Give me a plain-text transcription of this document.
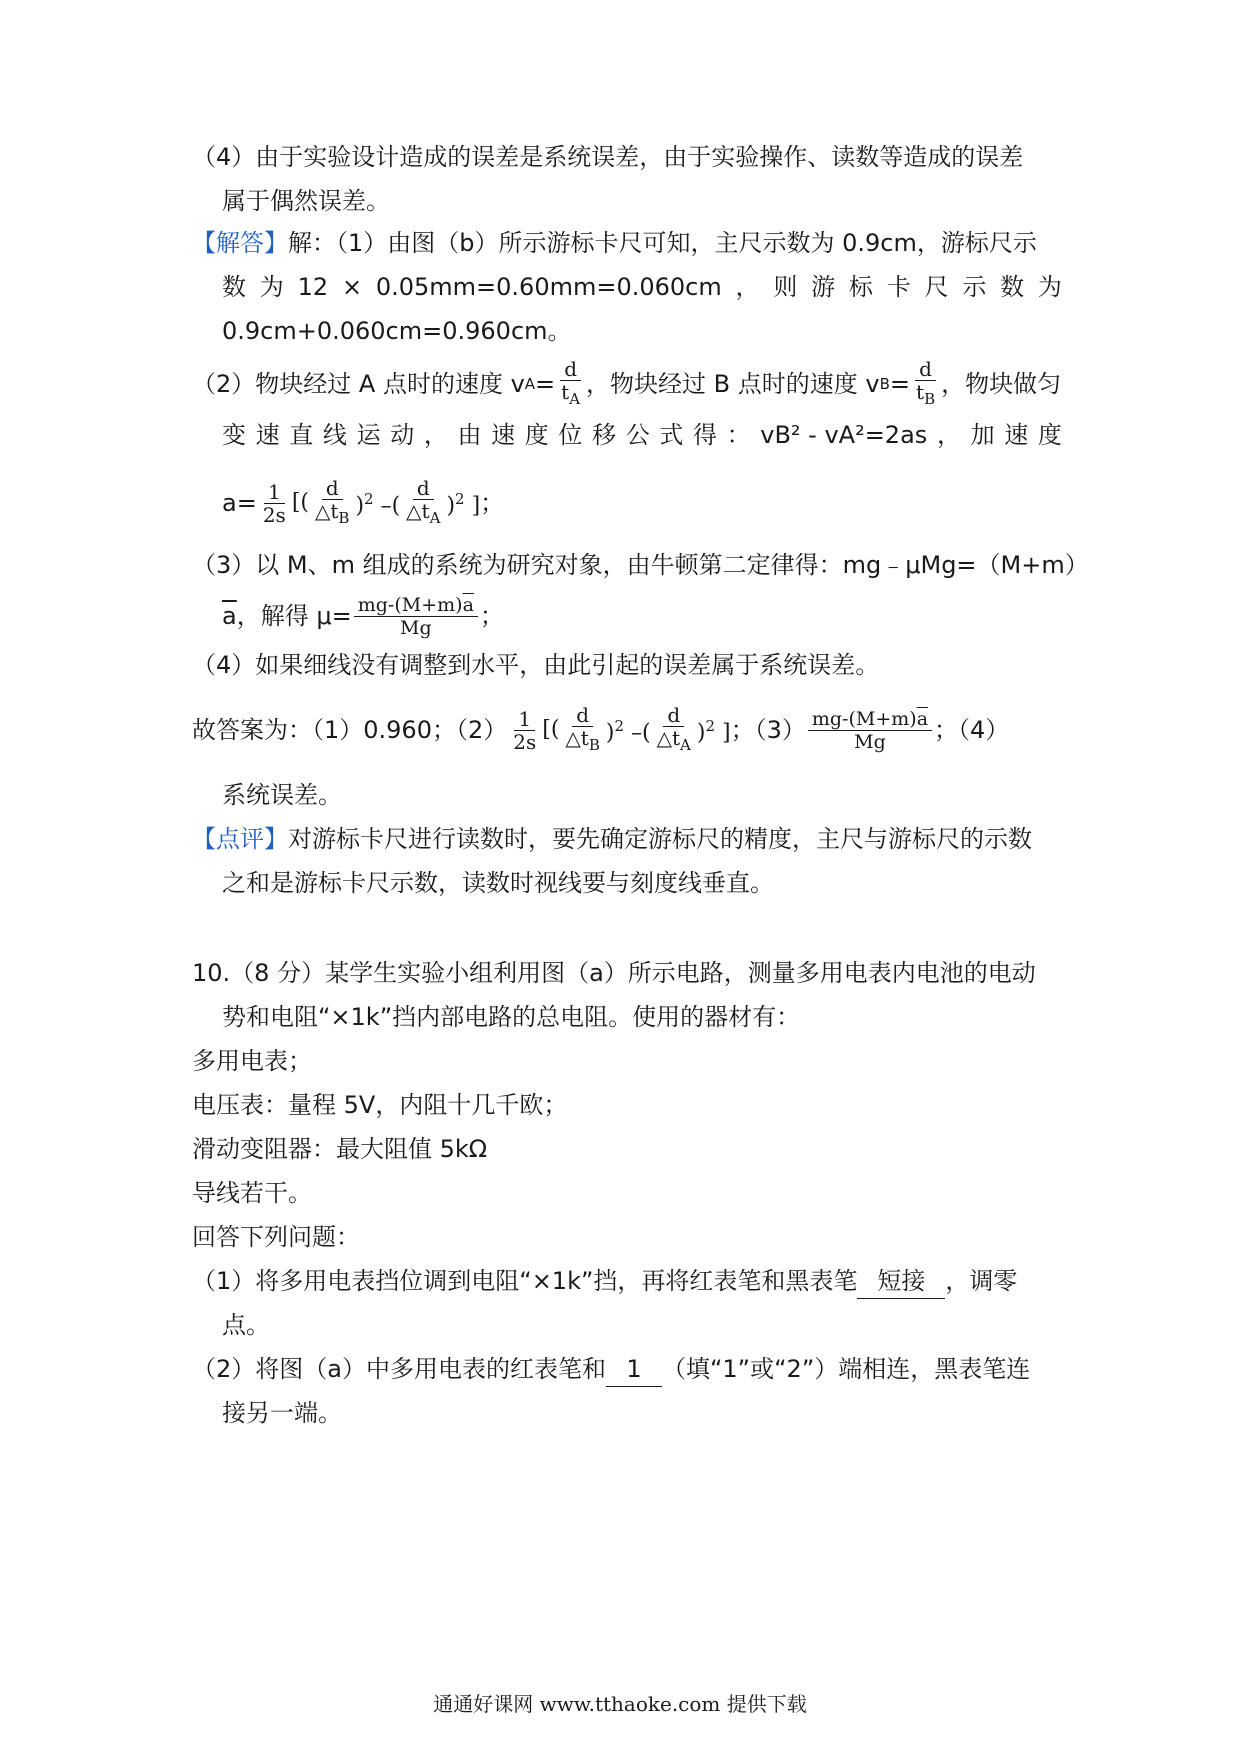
（4）由于实验设计造成的误差是系统误差，由于实验操作、读数等造成的误差
属于偶然误差。
【解答】解：（1）由图（b）所示游标卡尺可知，主尺示数为 0.9cm，游标尺示
数 为 12 × 0.05mm=0.60mm=0.060cm ， 则 游 标 卡 尺 示 数 为
0.9cm+0.060cm=0.960cm。
（2）物块经过 A 点时的速度 v $A = \frac{d}{t_A}$ ，物块经过 B 点时的速度 v $B = \frac{d}{t_B}$ ，物块做匀
变 速 直 线 运 动 ， 由 速 度 位 移 公 式 得 ： vB² - vA²=2as ， 加 速 度
$a= \frac{1}{2s}$ [( $\frac{d}{\triangle t_B} )^2$ –( $\frac{d}{\triangle t_A} )^2$ ] ；
（3）以 M、m 组成的系统为研究对象，由牛顿第二定律得：mg﹣μMg=（M+m）
$\overline{a}$ ，解得 $\mu= \frac{mg-(M+m)\overline{a}}{Mg}$ ；
（4）如果细线没有调整到水平，由此引起的误差属于系统误差。
故答案为：（1）0.960；$(2) \frac{1}{2s}$ [( $\frac{d}{\triangle t_B} )^2$ –( $\frac{d}{\triangle t_A} )^2$ ] ；$(3) \frac{mg-(M+m)\overline{a}}{Mg}$ ；（4）
系统误差。
【点评】对游标卡尺进行读数时，要先确定游标尺的精度，主尺与游标尺的示数
之和是游标卡尺示数，读数时视线要与刻度线垂直。
10.（8 分）某学生实验小组利用图（a）所示电路，测量多用电表内电池的电动
势和电阻“×1k”挡内部电路的总电阻。使用的器材有：
多用电表；
电压表：量程 5V，内阻十几千欧；
滑动变阻器：最大阻值 5kΩ
导线若干。
回答下列问题：
（1）将多用电表挡位调到电阻“×1k”挡，再将红表笔和黑表笔 短接 ，调零
点。
（2）将图（a）中多用电表的红表笔和 1 （填“1”或“2”）端相连，黑表笔连
接另一端。
通通好课网 www.tthaoke.com 提供下载
